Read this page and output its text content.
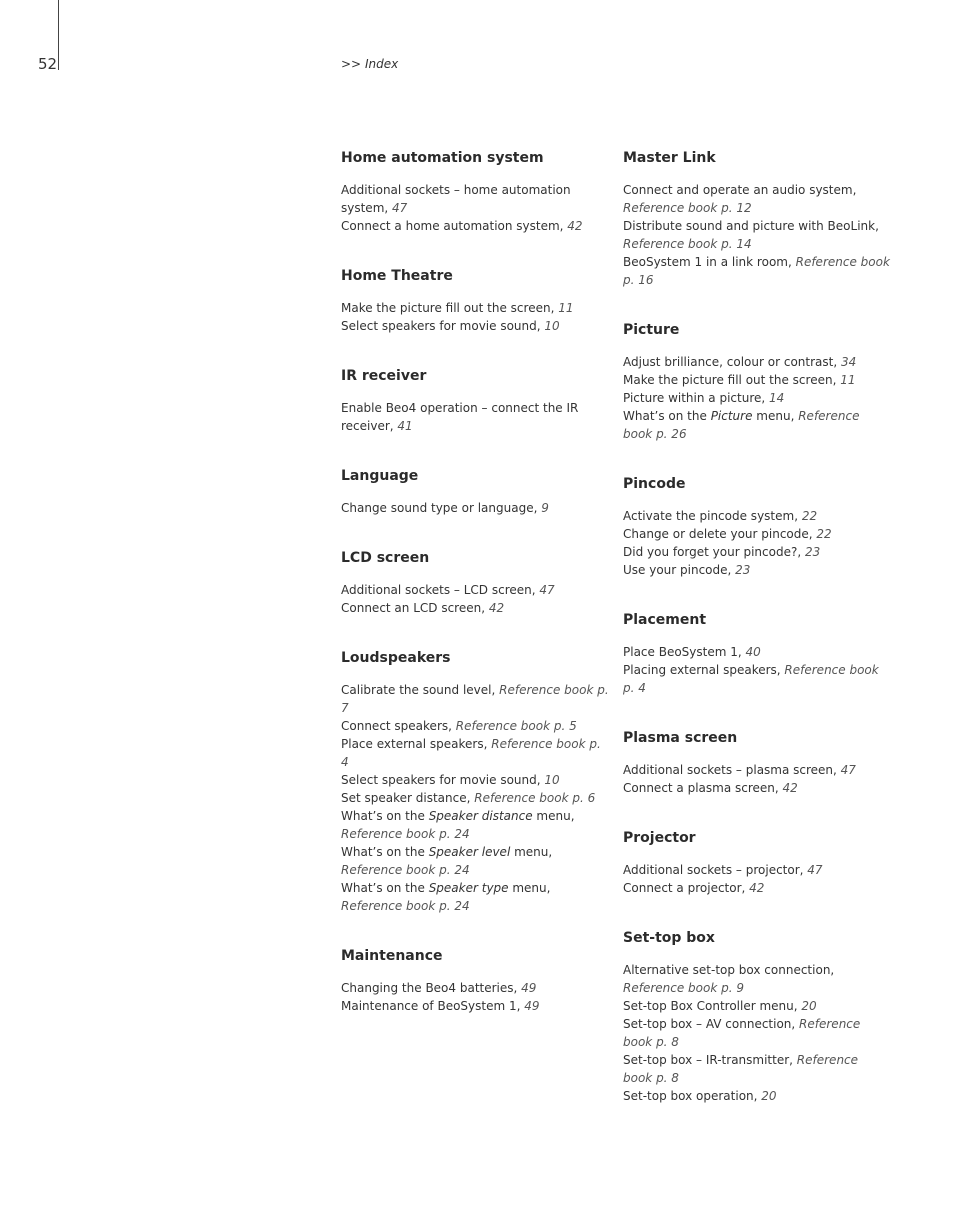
52	>> Index
Home automation system
Additional sockets – home automation system, 47
Connect a home automation system, 42
Home Theatre
Make the picture fill out the screen, 11
Select speakers for movie sound, 10
IR receiver
Enable Beo4 operation – connect the IR receiver, 41
Language
Change sound type or language, 9
LCD screen
Additional sockets – LCD screen, 47
Connect an LCD screen, 42
Loudspeakers
Calibrate the sound level, Reference book p. 7
Connect speakers, Reference book p. 5
Place external speakers, Reference book p. 4
Select speakers for movie sound, 10
Set speaker distance, Reference book p. 6
What’s on the Speaker distance menu, Reference book p. 24
What’s on the Speaker level menu, Reference book p. 24
What’s on the Speaker type menu, Reference book p. 24
Maintenance
Changing the Beo4 batteries, 49
Maintenance of BeoSystem 1, 49
Master Link
Connect and operate an audio system, Reference book p. 12
Distribute sound and picture with BeoLink, Reference book p. 14
BeoSystem 1 in a link room, Reference book p. 16
Picture
Adjust brilliance, colour or contrast, 34
Make the picture fill out the screen, 11
Picture within a picture, 14
What’s on the Picture menu, Reference book p. 26
Pincode
Activate the pincode system, 22
Change or delete your pincode, 22
Did you forget your pincode?, 23
Use your pincode, 23
Placement
Place BeoSystem 1, 40
Placing external speakers, Reference book p. 4
Plasma screen
Additional sockets – plasma screen, 47
Connect a plasma screen, 42
Projector
Additional sockets – projector, 47
Connect a projector, 42
Set-top box
Alternative set-top box connection, Reference book p. 9
Set-top Box Controller menu, 20
Set-top box – AV connection, Reference book p. 8
Set-top box – IR-transmitter, Reference book p. 8
Set-top box operation, 20
